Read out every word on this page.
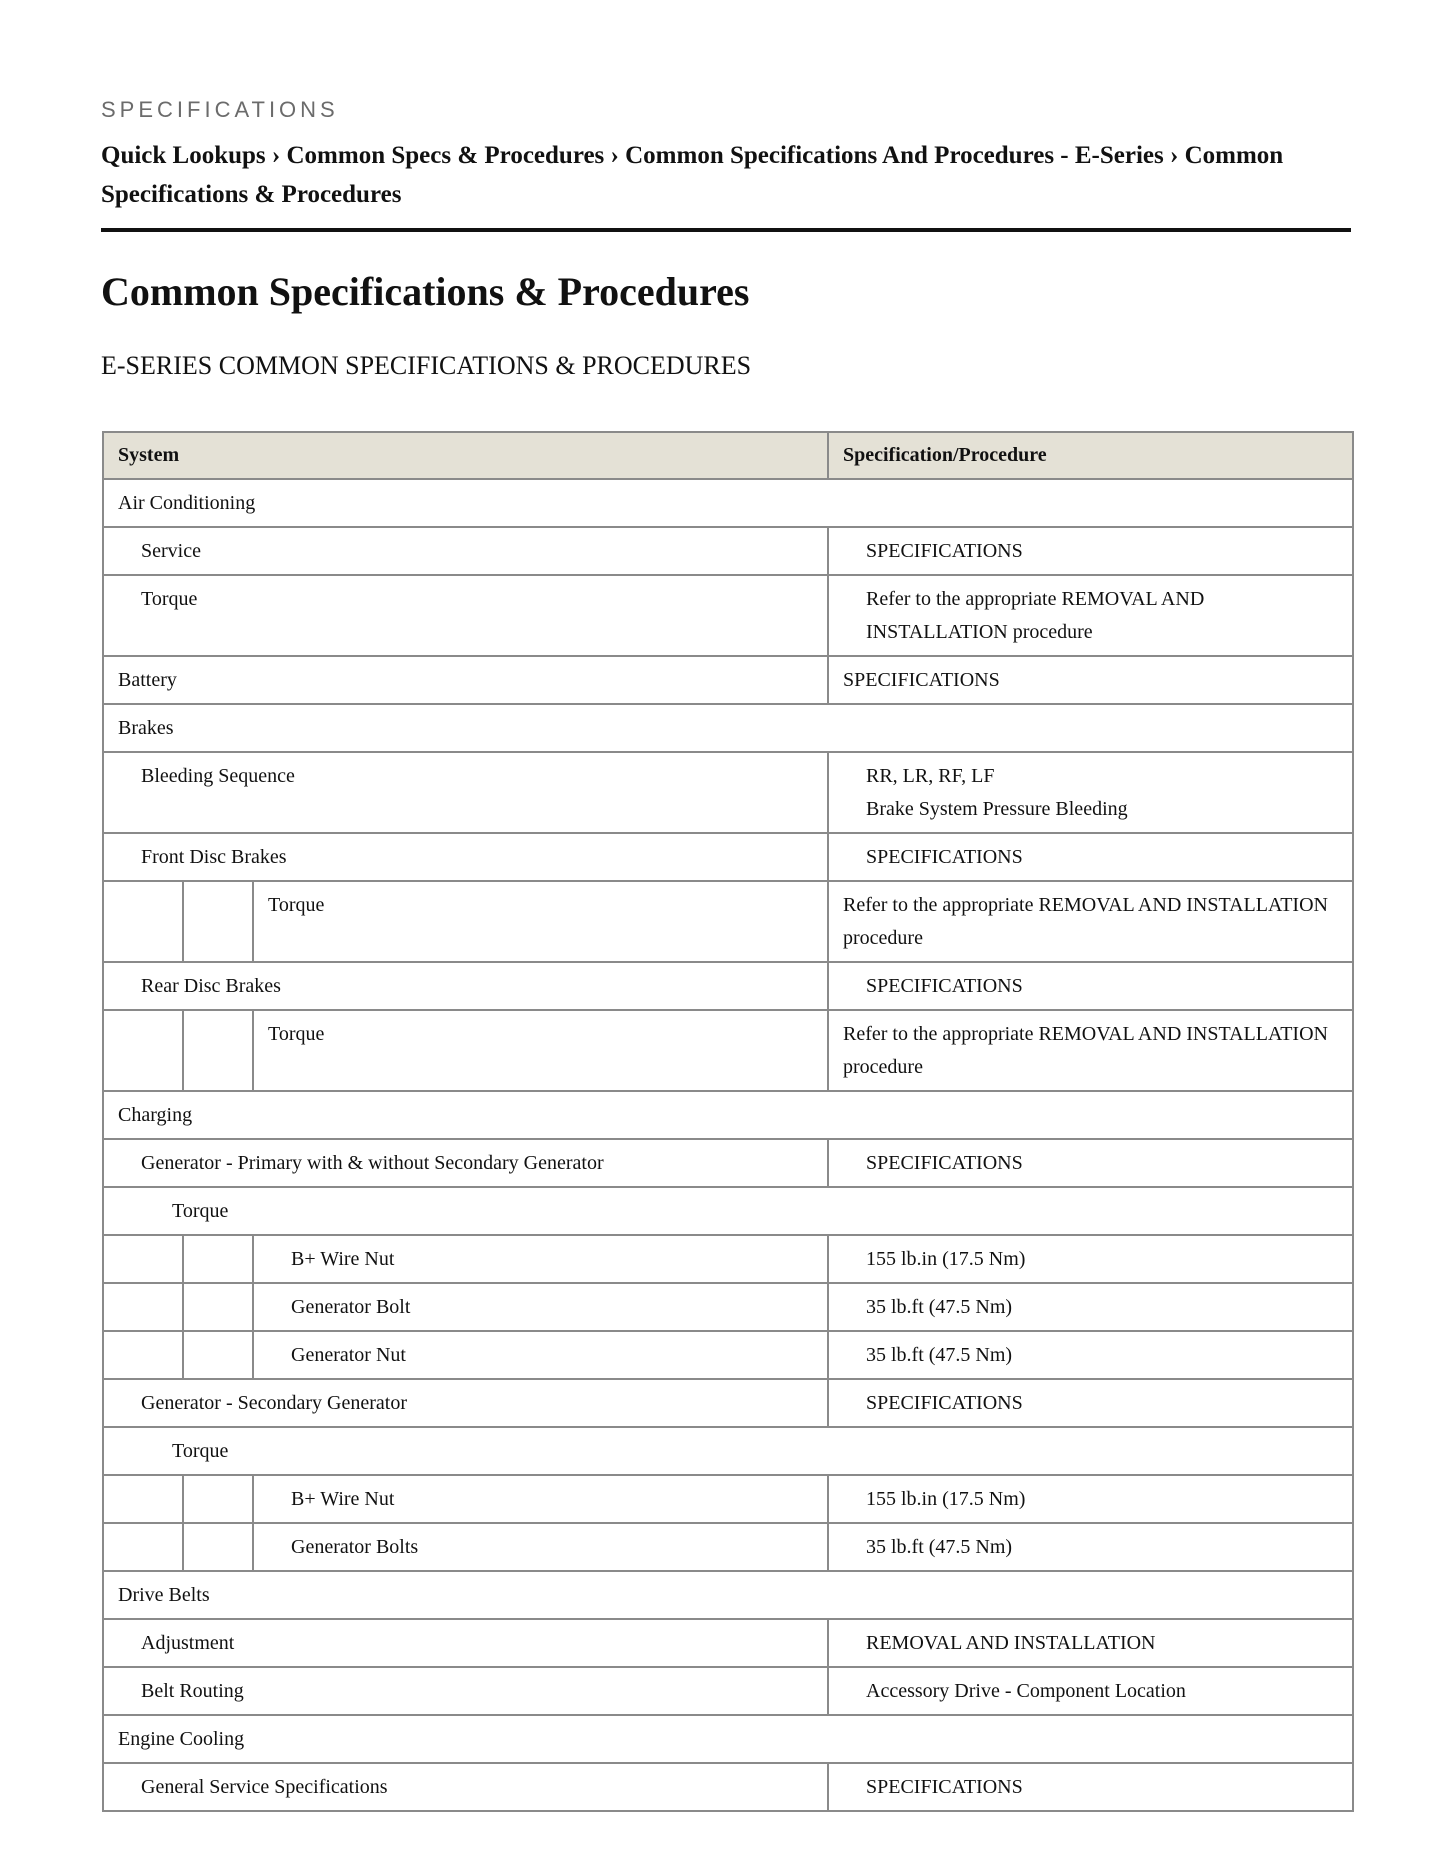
SPECIFICATIONS
Quick Lookups › Common Specs & Procedures › Common Specifications And Procedures - E-Series › Common Specifications & Procedures
Common Specifications & Procedures
E-SERIES COMMON SPECIFICATIONS & PROCEDURES
System			Specification/Procedure

Air Conditioning			

Service			SPECIFICATIONS

Torque			Refer to the appropriate REMOVAL AND INSTALLATION procedure

Battery			SPECIFICATIONS

Brakes			

Bleeding Sequence			RR, LR, RF, LF
Brake System Pressure Bleeding

Front Disc Brakes			SPECIFICATIONS

		Torque	Refer to the appropriate REMOVAL AND INSTALLATION procedure

Rear Disc Brakes			SPECIFICATIONS

		Torque	Refer to the appropriate REMOVAL AND INSTALLATION procedure

Charging			

Generator - Primary with & without Secondary Generator			SPECIFICATIONS

Torque			

		B+ Wire Nut	155 lb.in (17.5 Nm)

		Generator Bolt	35 lb.ft (47.5 Nm)

		Generator Nut	35 lb.ft (47.5 Nm)

Generator - Secondary Generator			SPECIFICATIONS

Torque			

		B+ Wire Nut	155 lb.in (17.5 Nm)

		Generator Bolts	35 lb.ft (47.5 Nm)

Drive Belts			

Adjustment			REMOVAL AND INSTALLATION

Belt Routing			Accessory Drive - Component Location

Engine Cooling			

General Service Specifications			SPECIFICATIONS
